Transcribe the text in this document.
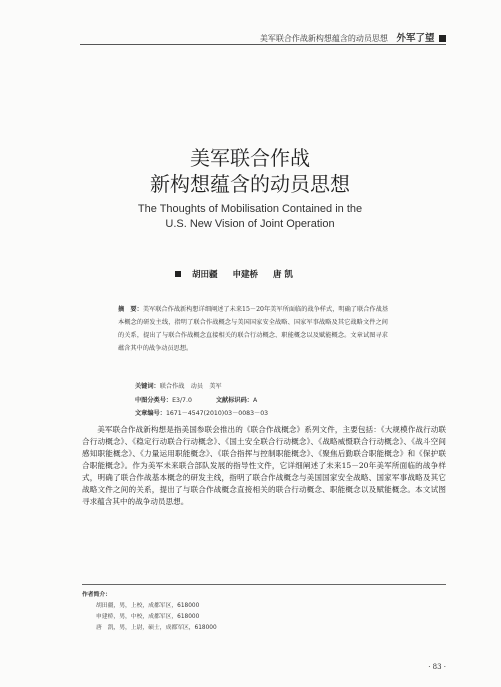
美军联合作战新构想蕴含的动员思想 外军了望
美军联合作战
新构想蕴含的动员思想
The Thoughts of Mobilisation Contained in the
U.S. New Vision of Joint Operation
胡田疆 申建桥 唐 凯
摘　要：美军联合作战新构想详细阐述了未来15－20年美军所面临的战争样式，明确了联合作战基本概念的研发主线，指明了联合作战概念与美国国家安全战略、国家军事战略及其它战略文件之间的关系，提出了与联合作战概念直接相关的联合行动概念、职能概念以及赋能概念。文章试图寻求蕴含其中的战争动员思想。
关键词：联合作战　动员　美军
中图分类号：E3/7.0	文献标识码：A
文章编号：1671－4547(2010)03－0083－03
美军联合作战新构想是指美国参联会推出的《联合作战概念》系列文件，主要包括：《大规模作战行动联合行动概念》、《稳定行动联合行动概念》、《国土安全联合行动概念》、《战略威慑联合行动概念》、《战斗空间感知职能概念》、《力量运用职能概念》、《联合指挥与控制职能概念》、《聚焦后勤联合职能概念》和《保护联合职能概念》。作为美军未来联合部队发展的指导性文件，它详细阐述了未来15－20年美军所面临的战争样式，明确了联合作战基本概念的研发主线，指明了联合作战概念与美国国家安全战略、国家军事战略及其它战略文件之间的关系，提出了与联合作战概念直接相关的联合行动概念、职能概念以及赋能概念。本文试图寻求蕴含其中的战争动员思想。
作者简介：
胡田疆，男，上校，成都军区，618000
申建桥，男，中校，成都军区，618000
唐　凯，男，上尉，硕士，成都军区，618000
· 83 ·
